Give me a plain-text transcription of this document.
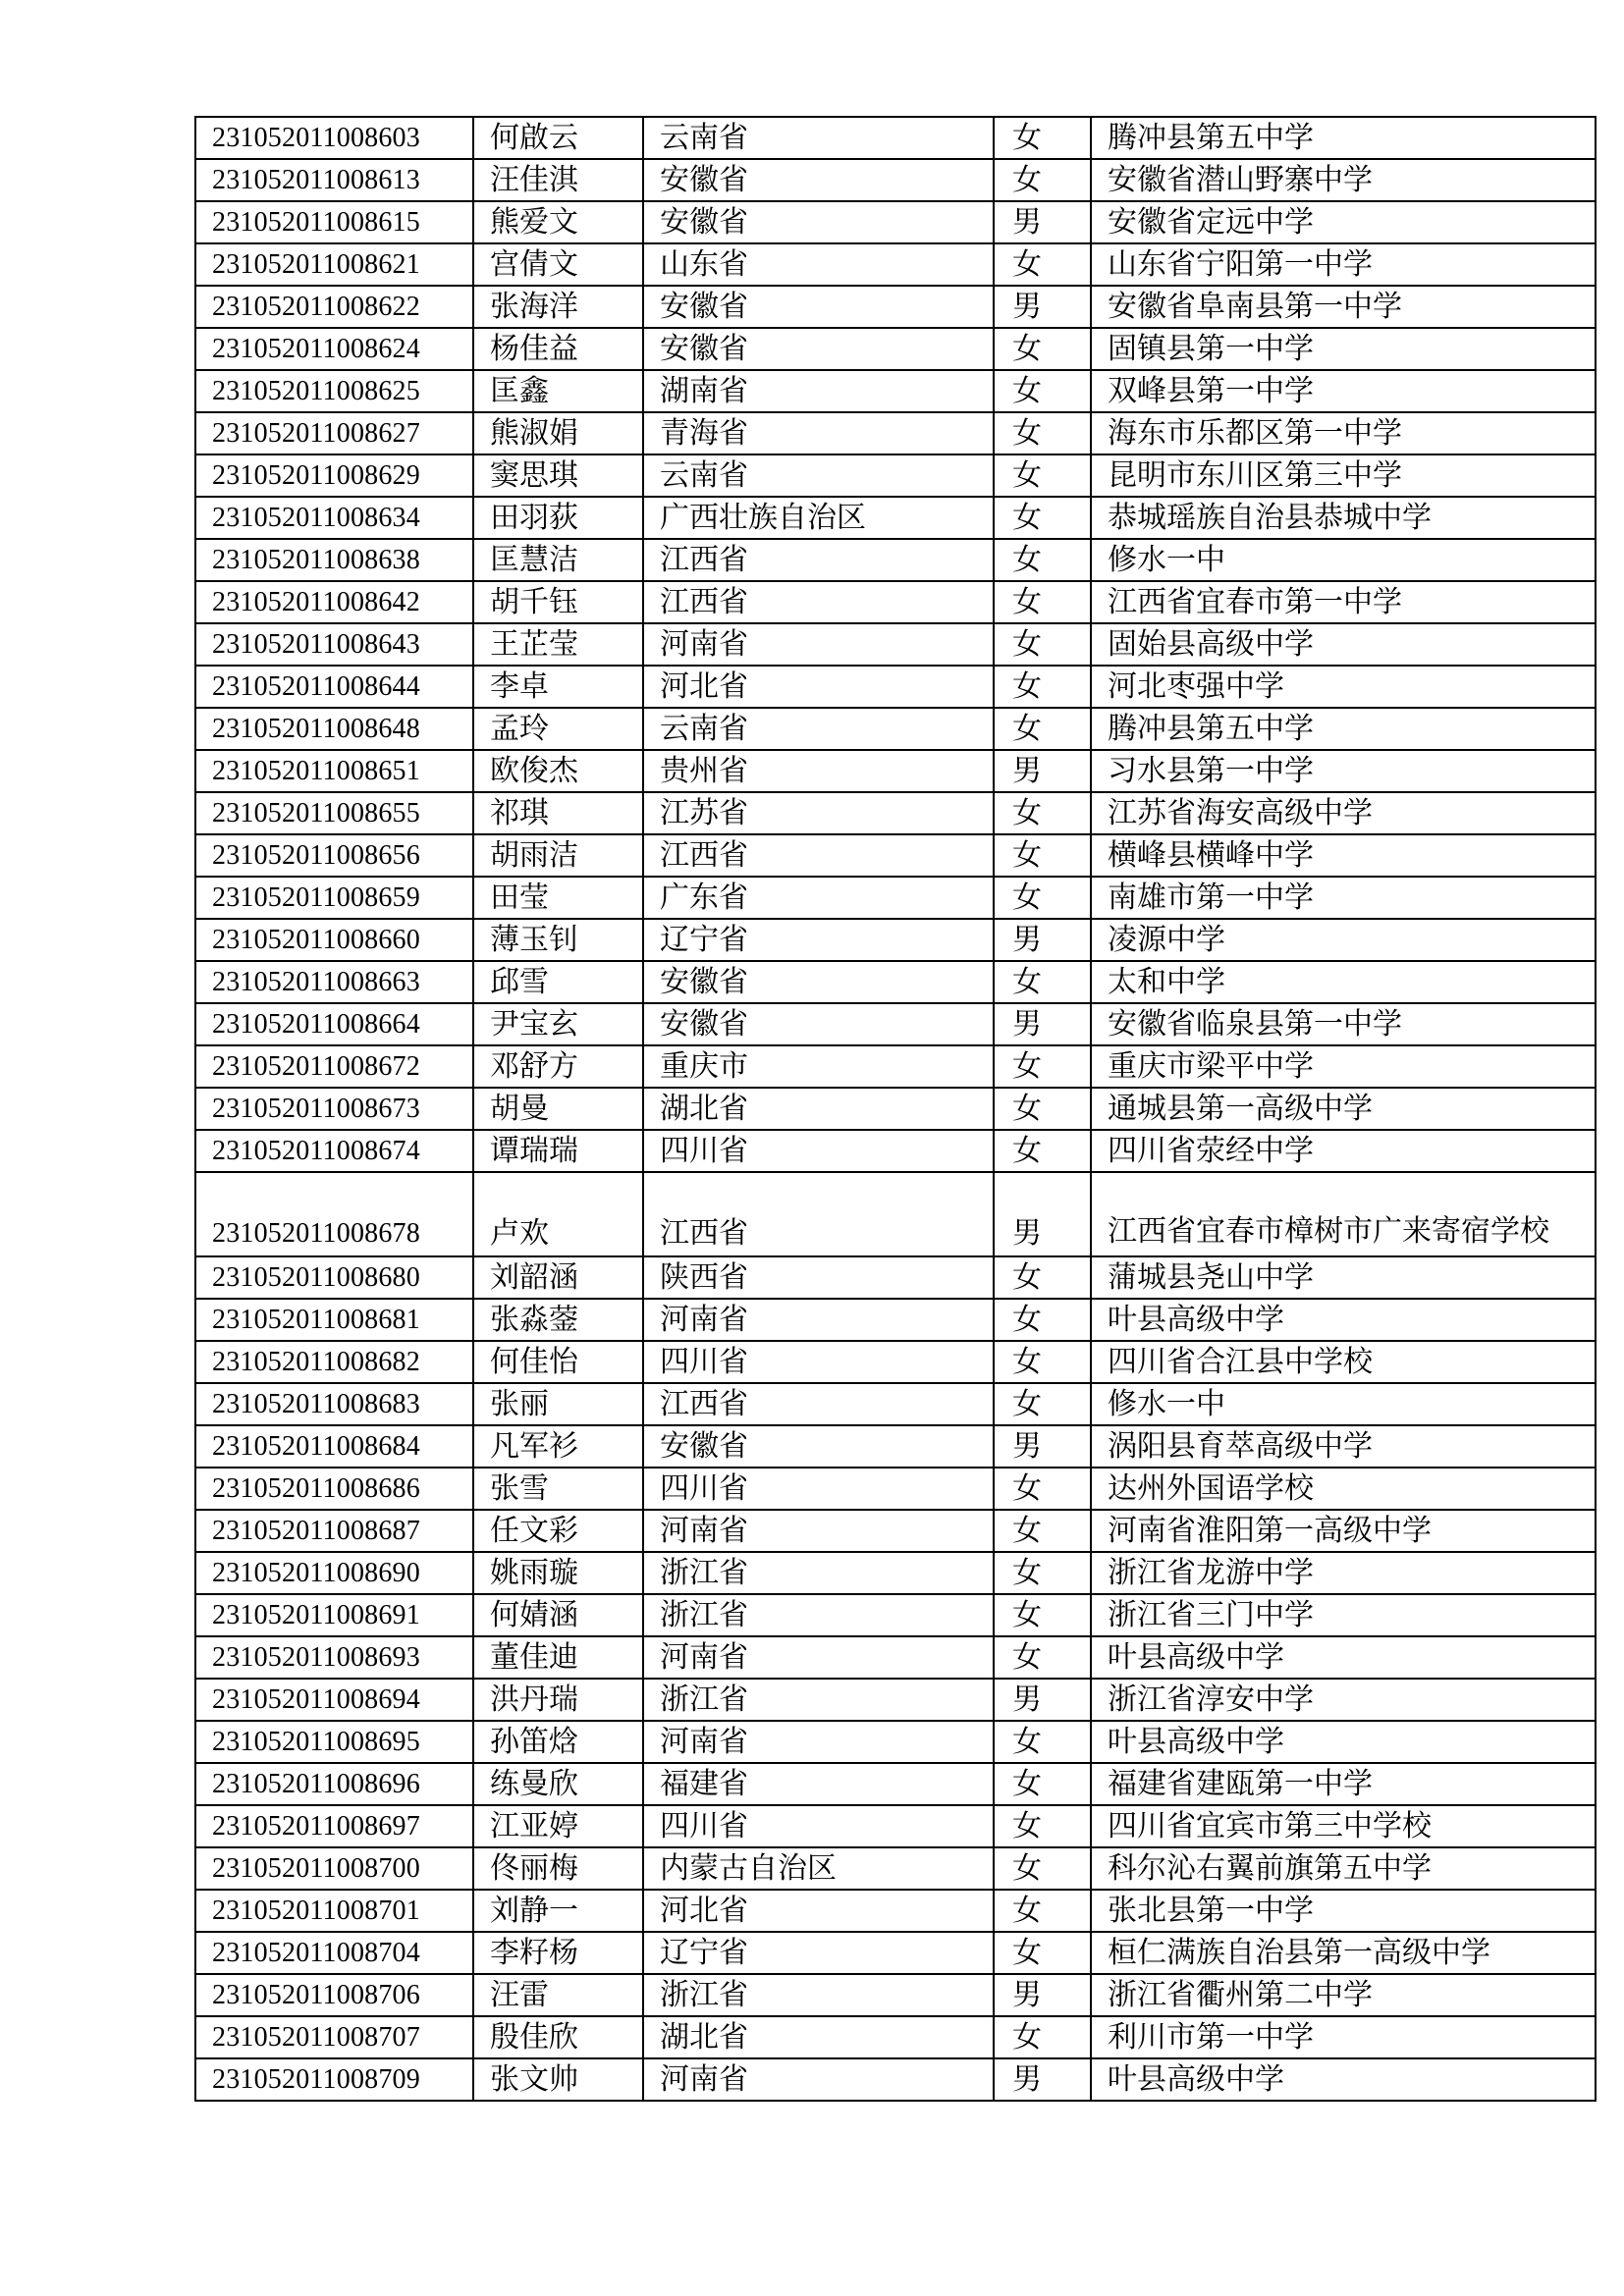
231052011008603	何啟云	云南省	女	腾冲县第五中学
231052011008613	汪佳淇	安徽省	女	安徽省潜山野寨中学
231052011008615	熊爱文	安徽省	男	安徽省定远中学
231052011008621	宫倩文	山东省	女	山东省宁阳第一中学
231052011008622	张海洋	安徽省	男	安徽省阜南县第一中学
231052011008624	杨佳益	安徽省	女	固镇县第一中学
231052011008625	匡鑫	湖南省	女	双峰县第一中学
231052011008627	熊淑娟	青海省	女	海东市乐都区第一中学
231052011008629	窦思琪	云南省	女	昆明市东川区第三中学
231052011008634	田羽荻	广西壮族自治区	女	恭城瑶族自治县恭城中学
231052011008638	匡慧洁	江西省	女	修水一中
231052011008642	胡千钰	江西省	女	江西省宜春市第一中学
231052011008643	王芷莹	河南省	女	固始县高级中学
231052011008644	李卓	河北省	女	河北枣强中学
231052011008648	孟玲	云南省	女	腾冲县第五中学
231052011008651	欧俊杰	贵州省	男	习水县第一中学
231052011008655	祁琪	江苏省	女	江苏省海安高级中学
231052011008656	胡雨洁	江西省	女	横峰县横峰中学
231052011008659	田莹	广东省	女	南雄市第一中学
231052011008660	薄玉钊	辽宁省	男	凌源中学
231052011008663	邱雪	安徽省	女	太和中学
231052011008664	尹宝玄	安徽省	男	安徽省临泉县第一中学
231052011008672	邓舒方	重庆市	女	重庆市梁平中学
231052011008673	胡曼	湖北省	女	通城县第一高级中学
231052011008674	谭瑞瑞	四川省	女	四川省荥经中学
231052011008678	卢欢	江西省	男	江西省宜春市樟树市广来寄宿学校
231052011008680	刘韶涵	陕西省	女	蒲城县尧山中学
231052011008681	张淼蓥	河南省	女	叶县高级中学
231052011008682	何佳怡	四川省	女	四川省合江县中学校
231052011008683	张丽	江西省	女	修水一中
231052011008684	凡军衫	安徽省	男	涡阳县育萃高级中学
231052011008686	张雪	四川省	女	达州外国语学校
231052011008687	任文彩	河南省	女	河南省淮阳第一高级中学
231052011008690	姚雨璇	浙江省	女	浙江省龙游中学
231052011008691	何婧涵	浙江省	女	浙江省三门中学
231052011008693	董佳迪	河南省	女	叶县高级中学
231052011008694	洪丹瑞	浙江省	男	浙江省淳安中学
231052011008695	孙笛焓	河南省	女	叶县高级中学
231052011008696	练曼欣	福建省	女	福建省建瓯第一中学
231052011008697	江亚婷	四川省	女	四川省宜宾市第三中学校
231052011008700	佟丽梅	内蒙古自治区	女	科尔沁右翼前旗第五中学
231052011008701	刘静一	河北省	女	张北县第一中学
231052011008704	李籽杨	辽宁省	女	桓仁满族自治县第一高级中学
231052011008706	汪雷	浙江省	男	浙江省衢州第二中学
231052011008707	殷佳欣	湖北省	女	利川市第一中学
231052011008709	张文帅	河南省	男	叶县高级中学
